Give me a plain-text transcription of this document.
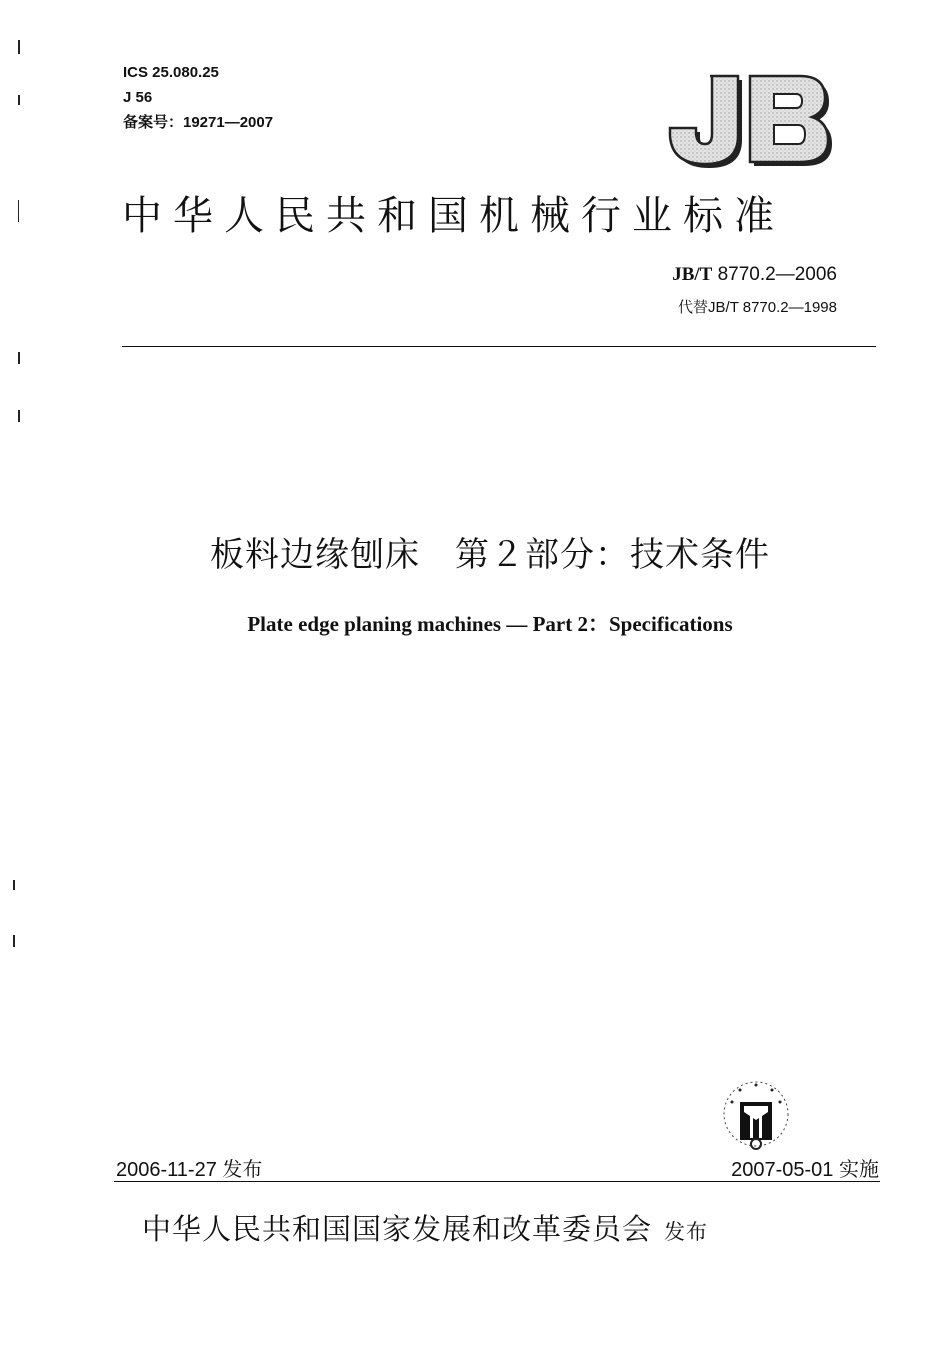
ICS 25.080.25
J 56
备案号：19271—2007
中华人民共和国机械行业标准
JB/T 8770.2—2006
代替JB/T 8770.2—1998
板料边缘刨床　第２部分：技术条件
Plate edge planing machines — Part 2：Specifications
2006-11-27 发布	2007-05-01 实施
中华人民共和国国家发展和改革委员会 发布
